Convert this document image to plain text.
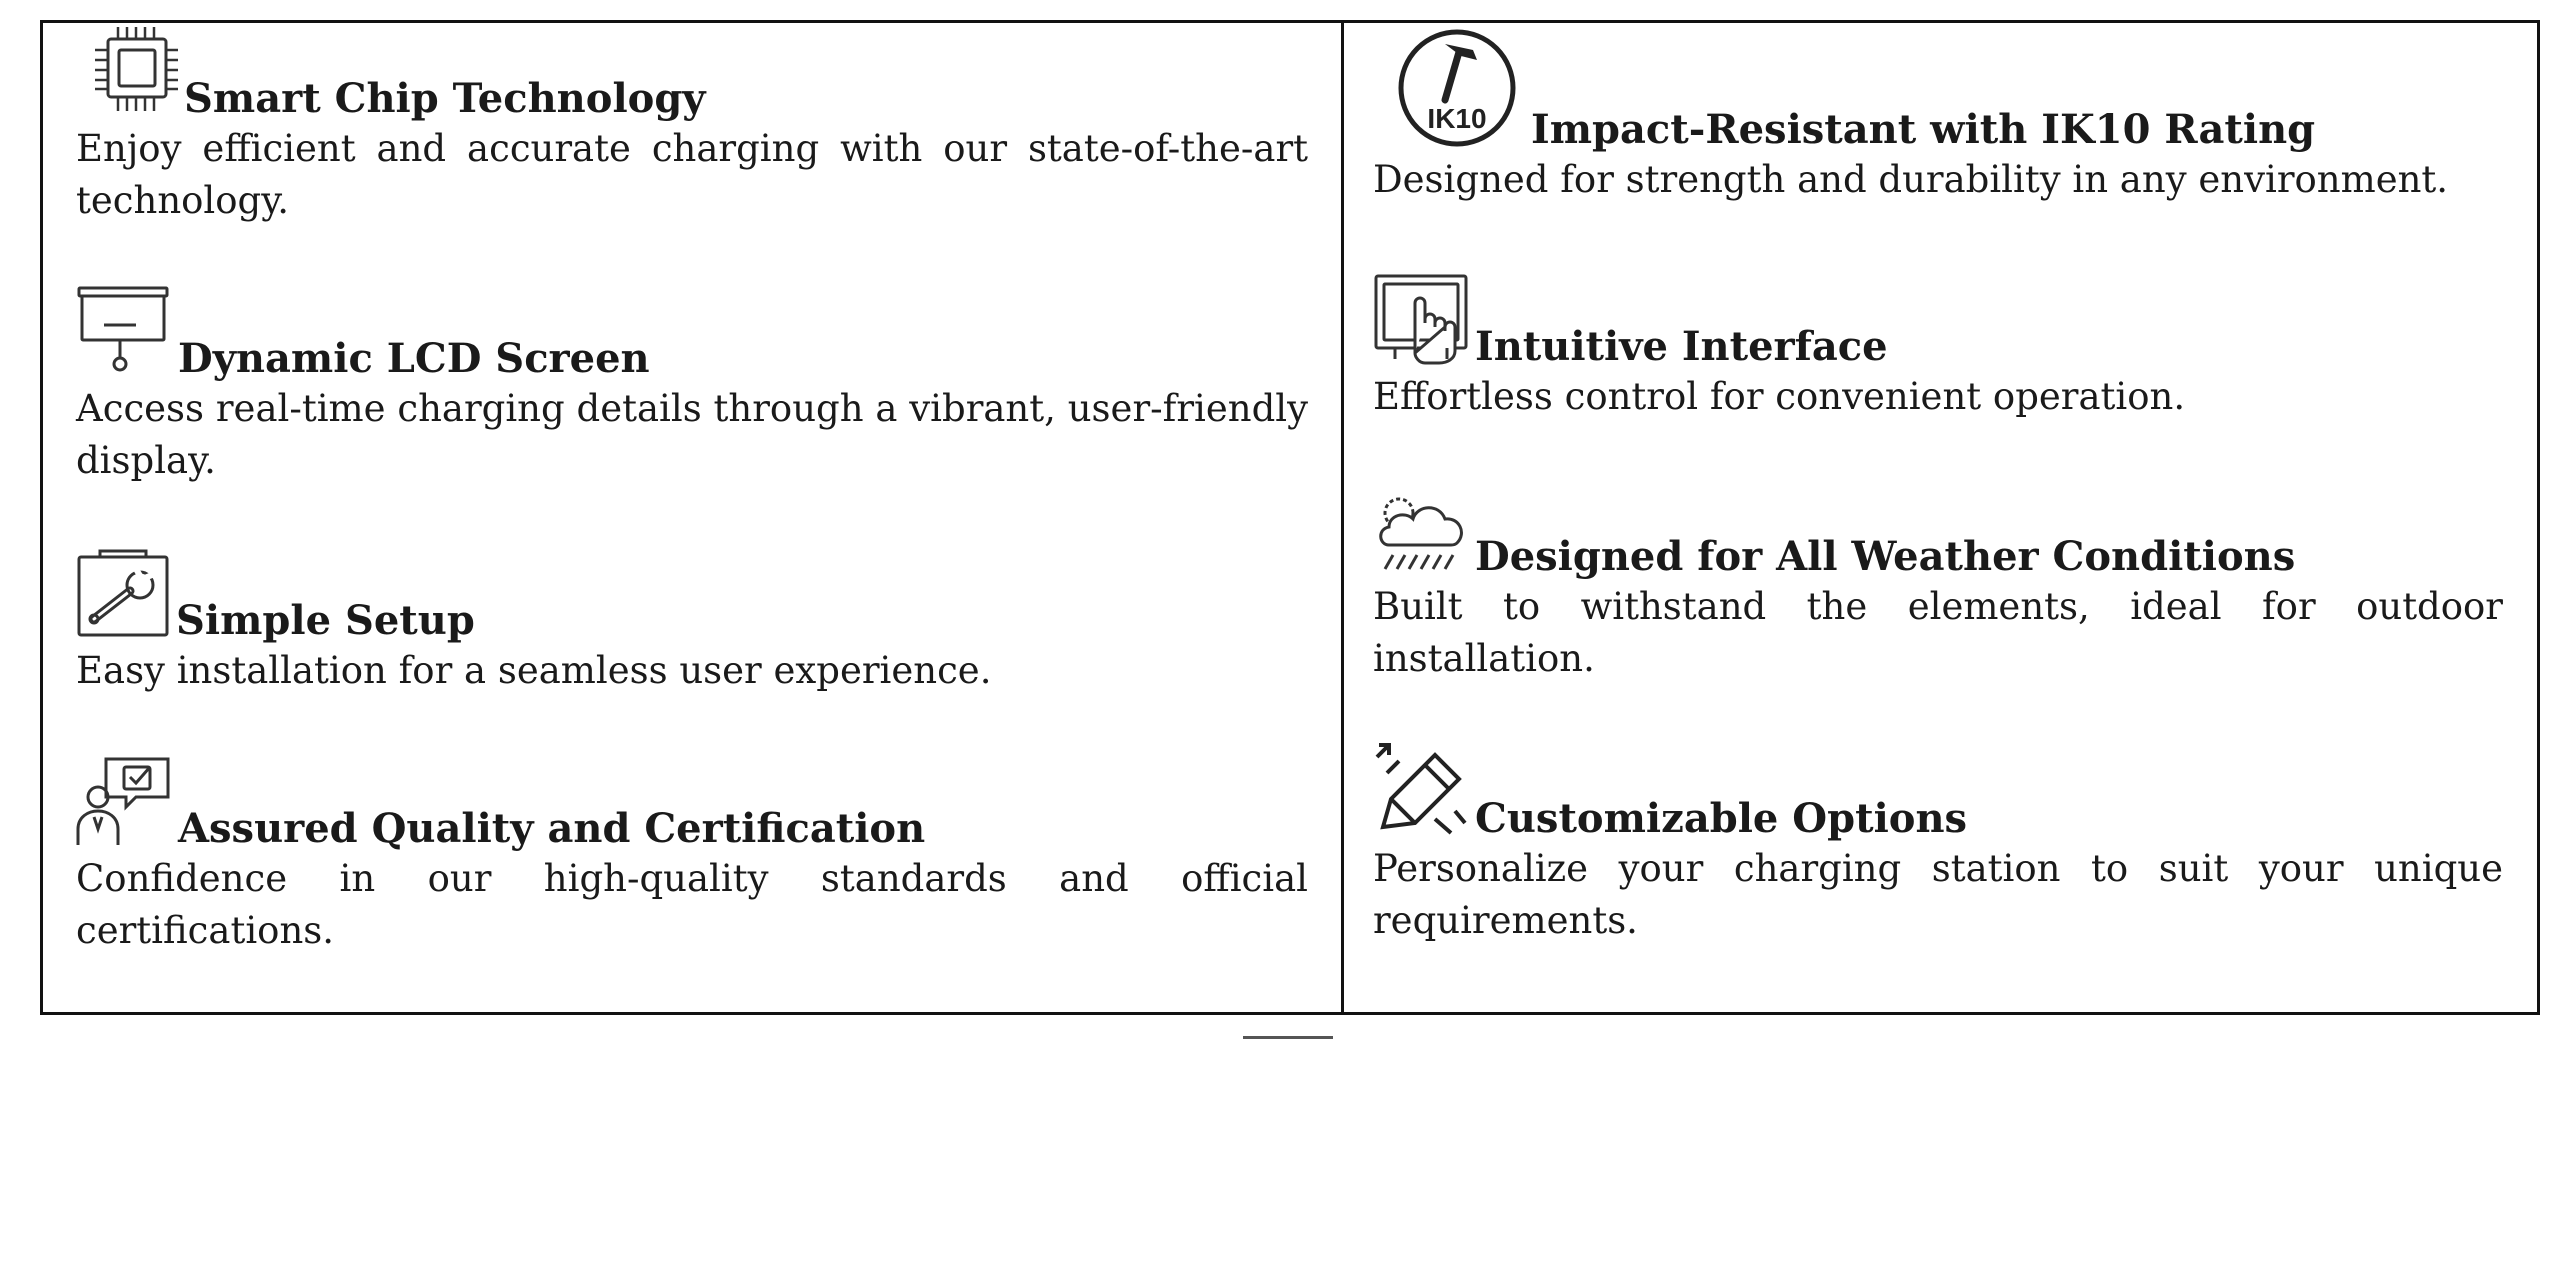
Smart Chip Technology

Enjoy efficient and accurate charging with our state-of-the-art technology.

Dynamic LCD Screen

Access real-time charging details through a vibrant, user-friendly display.

Simple Setup

Easy installation for a seamless user experience.

Assured Quality and Certification

Confidence in our high-quality standards and official certifications.

IK10 Impact-Resistant with IK10 Rating

Designed for strength and durability in any environment.

Intuitive Interface

Effortless control for convenient operation.

Designed for All Weather Conditions

Built to withstand the elements, ideal for outdoor installation.

Customizable Options

Personalize your charging station to suit your unique requirements.
